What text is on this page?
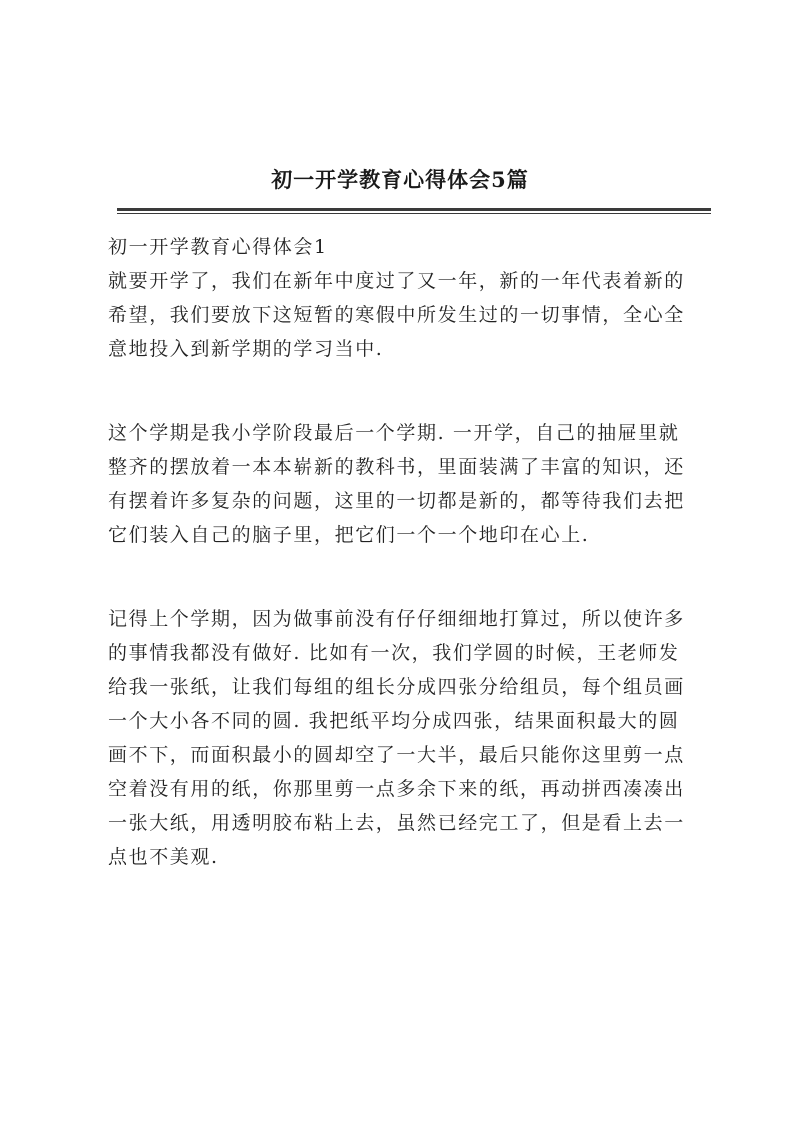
初一开学教育心得体会5篇
初一开学教育心得体会1
就要开学了，我们在新年中度过了又一年，新的一年代表着新的
希望，我们要放下这短暂的寒假中所发生过的一切事情，全心全
意地投入到新学期的学习当中.
这个学期是我小学阶段最后一个学期. 一开学，自己的抽屉里就
整齐的摆放着一本本崭新的教科书，里面装满了丰富的知识，还
有摆着许多复杂的问题，这里的一切都是新的，都等待我们去把
它们装入自己的脑子里，把它们一个一个地印在心上.
记得上个学期，因为做事前没有仔仔细细地打算过，所以使许多
的事情我都没有做好. 比如有一次，我们学圆的时候，王老师发
给我一张纸，让我们每组的组长分成四张分给组员，每个组员画
一个大小各不同的圆. 我把纸平均分成四张，结果面积最大的圆
画不下，而面积最小的圆却空了一大半，最后只能你这里剪一点
空着没有用的纸，你那里剪一点多余下来的纸，再动拼西凑凑出
一张大纸，用透明胶布粘上去，虽然已经完工了，但是看上去一
点也不美观.
